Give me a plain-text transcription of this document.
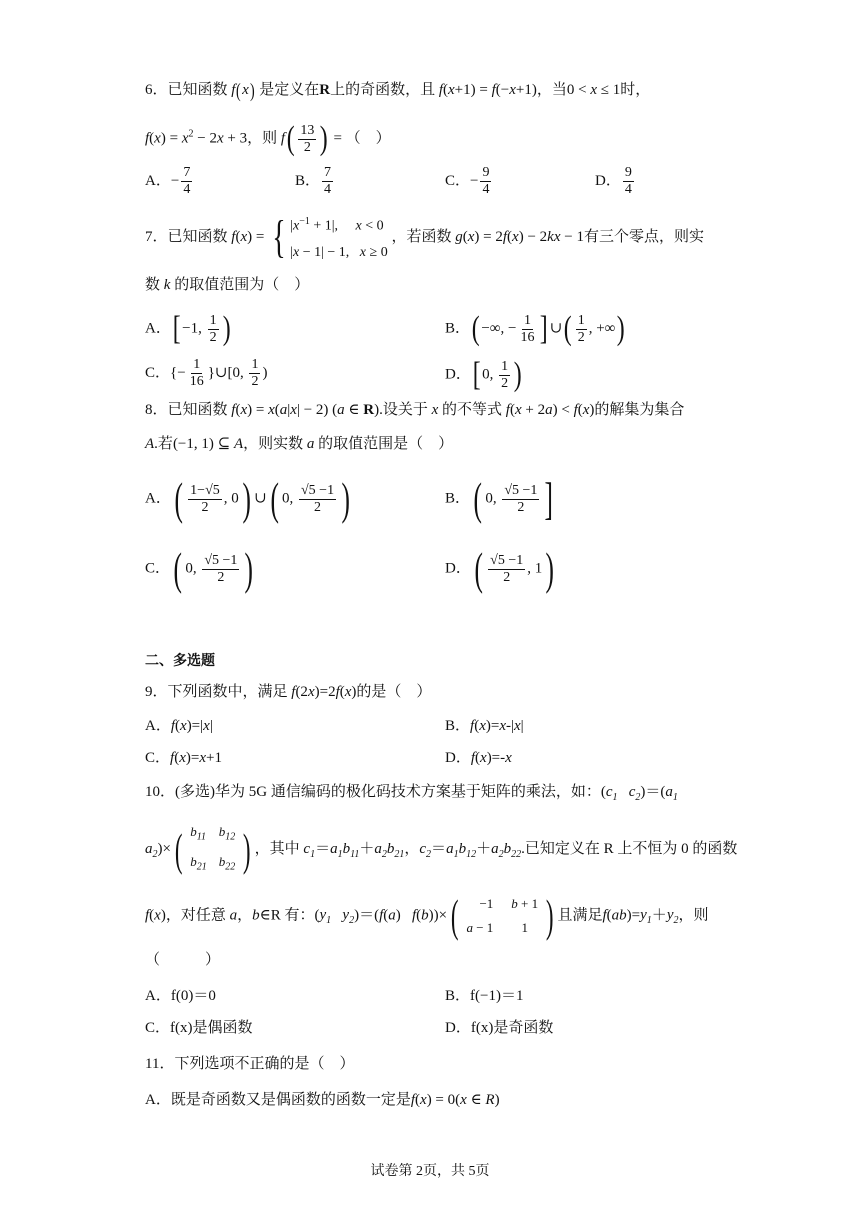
6．已知函数 f(x) 是定义在R上的奇函数，且 f(x+1) = f(−x+1)，当0 < x ≤ 1时，
$f(x) = x^2 - 2x + 3$，则 $f( \frac{13}{2}$ ) = （　）
A．− $\frac{7}{4}$	B． $\frac{7}{4}$	C．− $\frac{9}{4}$	D． $\frac{9}{4}$
7．已知函数 f(x) = { $|x^{-1} + 1|$,     x < 0
|x − 1| − 1,   x ≥ 0
，若函数 g(x) = 2f(x) − 2kx − 1有三个零点，则实
数 k 的取值范围为（　）
A．[ −1, $\frac{1}{2}$ )	B．( −∞, − $\frac{1}{16}$ ] ∪( $\frac{1}{2}$ , +∞)
C．{− $\frac{1}{16}$ }∪[0, $\frac{1}{2}$ )	D．[ 0, $\frac{1}{2}$ )
8．已知函数 f(x) = x(a|x| − 2) (a ∈ R).设关于 x 的不等式 f(x + 2a) < f(x)的解集为集合
A.若(−1, 1) ⊆ A，则实数 a 的取值范围是（　）
A．( $\frac{1-√5}{2}$ , 0) ∪( 0, $\frac{√5 -1}{2}$ )	B．( 0, $\frac{√5 -1}{2}$ ]
C．( 0, $\frac{√5 -1}{2}$ )	D．( $\frac{√5 -1}{2}$ , 1)
二、多选题
9．下列函数中，满足 f(2x)=2f(x)的是（　）
A．f(x)=|x|	B．f(x)=x-|x|
C．f(x)=x+1	D．f(x)=-x
10．(多选)华为 5G 通信编码的极化码技术方案基于矩阵的乘法，如：($c_1$ $c_2)=(a_1$
$a_2)\times$ ( $b_{11}$ $b_{12}$
$b_{21}$ $b_{22}$ ) ，其中 $c_1=a_1b_{11}+a_2b_{21}$，$c_2=a_1b_{12}+a_2b_{22}$.已知定义在 R 上不恒为 0 的函数
f(x)，对任意 a，b∈R 有：($y_1$ $y_2)=(f(a)$   f(b))× (	−1 b + 1
a − 1	1 ) 且满足$f(ab)=y_1+y_2$，则
（　　　）
A．f(0)＝0	B．f(−1)＝1
C．f(x)是偶函数	D．f(x)是奇函数
11．下列选项不正确的是（　）
A．既是奇函数又是偶函数的函数一定是f(x) = 0(x ∈ R)
试卷第 2页，共 5页
